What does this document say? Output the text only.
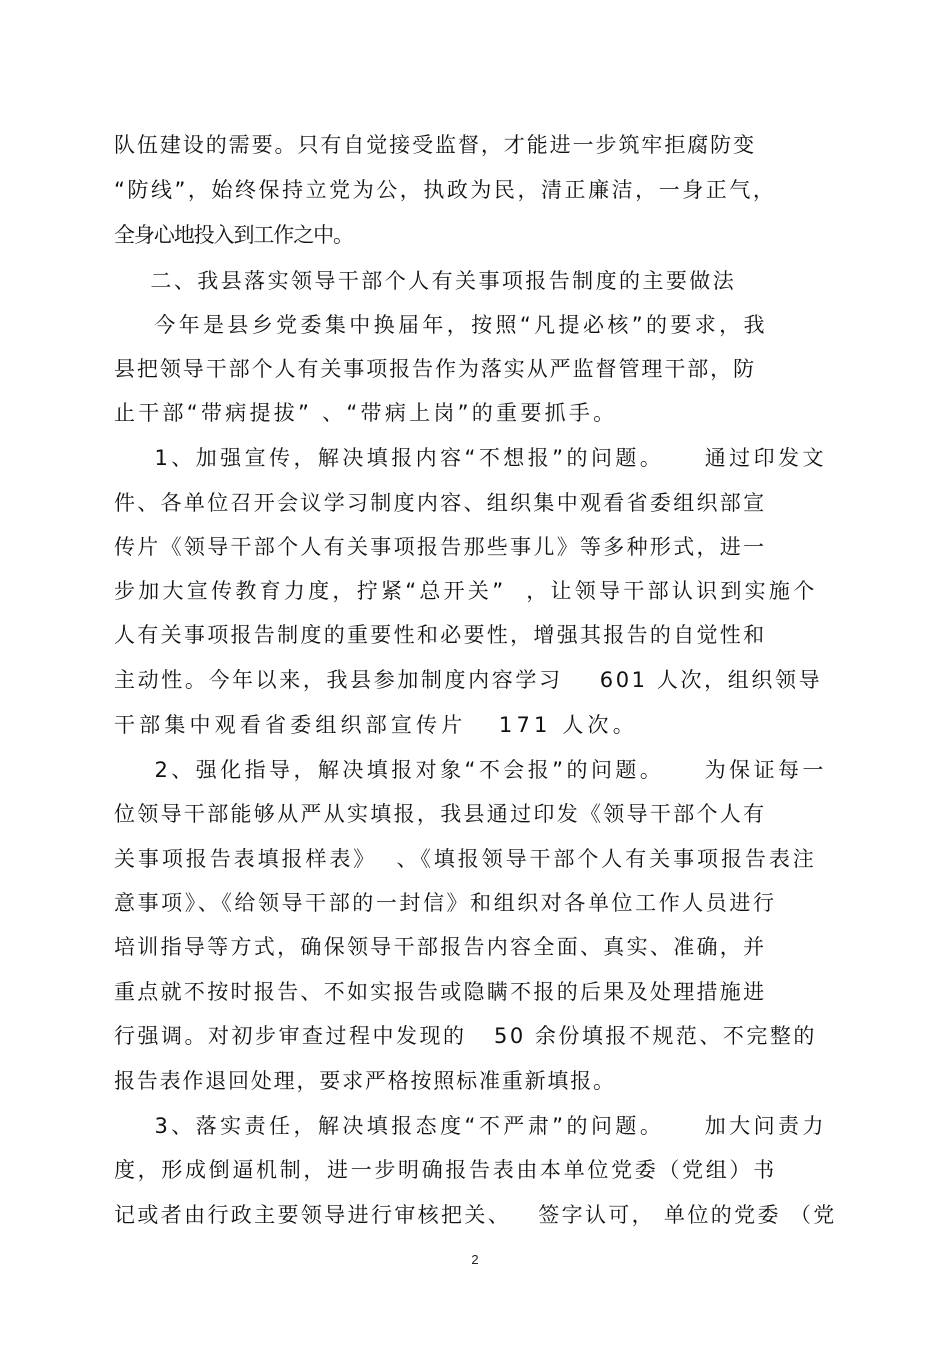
队伍建设的需要。只有自觉接受监督，才能进一步筑牢拒腐防变
“防线”，始终保持立党为公，执政为民，清正廉洁，一身正气，
全身心地投入到工作之中。
二、我县落实领导干部个人有关事项报告制度的主要做法
今年是县乡党委集中换届年，按照“凡提必核”的要求，我
县把领导干部个人有关事项报告作为落实从严监督管理干部，防
止干部“带病提拔” 、“带病上岗”的重要抓手。
1、加强宣传，解决填报内容“不想报”的问题。    通过印发文
件、各单位召开会议学习制度内容、组织集中观看省委组织部宣
传片《领导干部个人有关事项报告那些事儿》等多种形式，进一
步加大宣传教育力度，拧紧“总开关”  ，让领导干部认识到实施个
人有关事项报告制度的重要性和必要性，增强其报告的自觉性和
主动性。今年以来，我县参加制度内容学习    601 人次，组织领导
干部集中观看省委组织部宣传片   171 人次。
2、强化指导，解决填报对象“不会报”的问题。    为保证每一
位领导干部能够从严从实填报，我县通过印发《领导干部个人有
关事项报告表填报样表》  、《填报领导干部个人有关事项报告表注
意事项》、《给领导干部的一封信》和组织对各单位工作人员进行
培训指导等方式，确保领导干部报告内容全面、真实、准确，并
重点就不按时报告、不如实报告或隐瞒不报的后果及处理措施进
行强调。对初步审查过程中发现的   50 余份填报不规范、不完整的
报告表作退回处理，要求严格按照标准重新填报。
3、落实责任，解决填报态度“不严肃”的问题。    加大问责力
度，形成倒逼机制，进一步明确报告表由本单位党委（党组）书
记或者由行政主要领导进行审核把关、   签字认可， 单位的党委 （党
2
